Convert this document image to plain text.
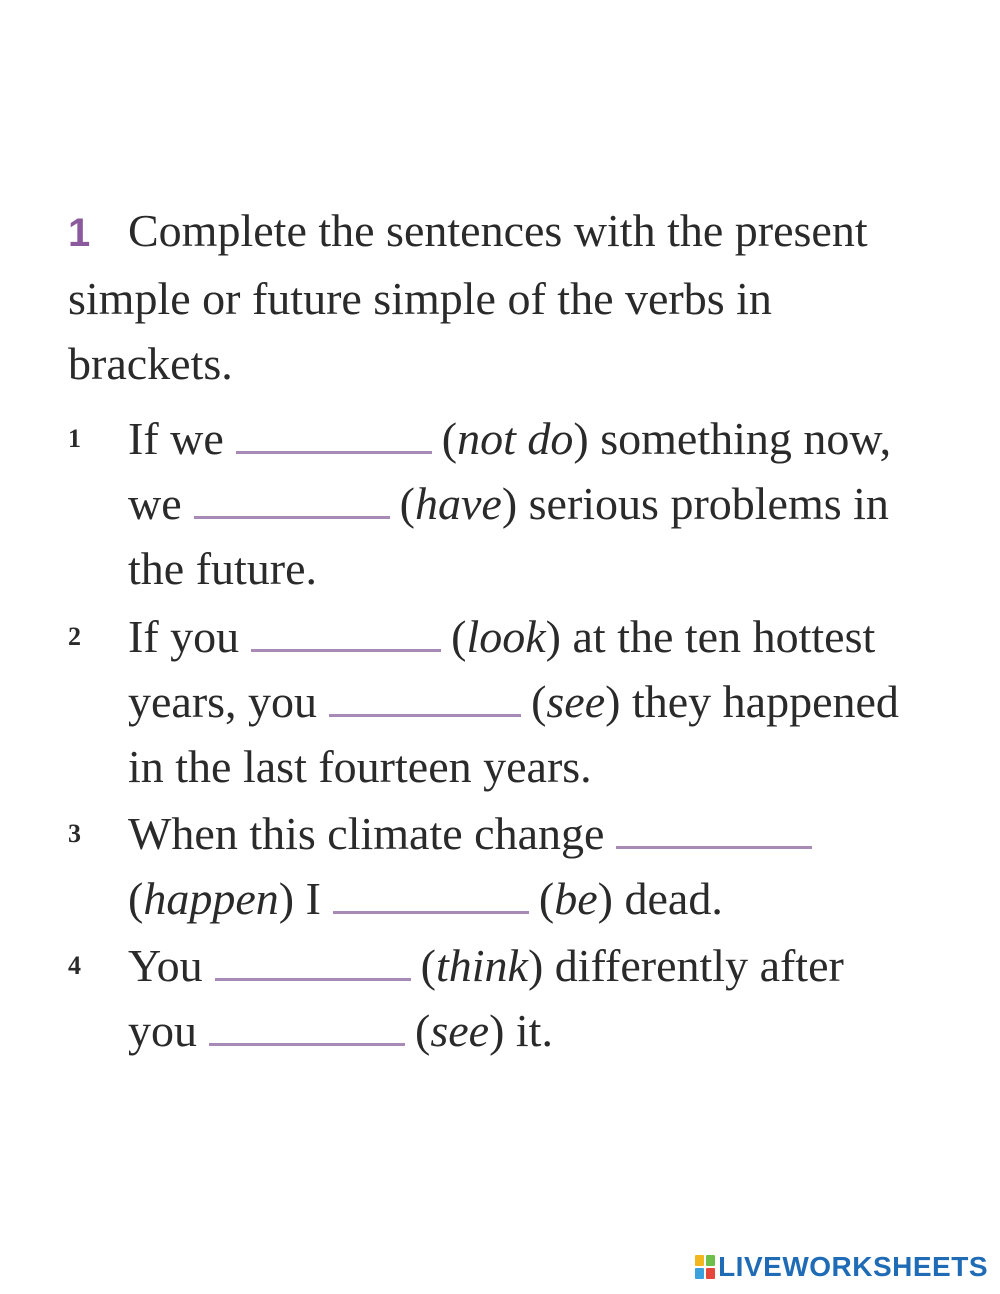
1 Complete the sentences with the present
simple or future simple of the verbs in
brackets.
1 If we	(not do) something now,
we	(have) serious problems in
the future.
2 If you	(look) at the ten hottest
years, you	(see) they happened
in the last fourteen years.
3 When this climate change
(happen) I	(be) dead.
4 You	(think) differently after
you	(see) it.
LIVEWORKSHEETS
